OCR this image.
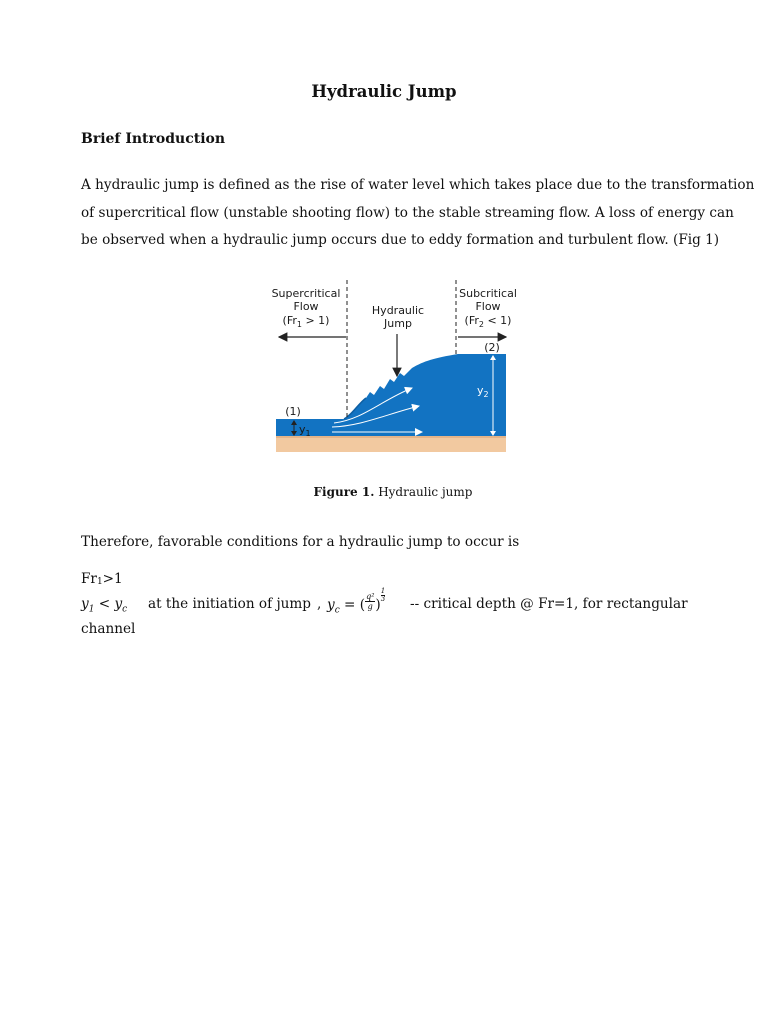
Hydraulic Jump
Brief Introduction
A hydraulic jump is defined as the rise of water level which takes place due to the transformation
of supercritical flow (unstable shooting flow) to the stable streaming flow. A loss of energy can
be observed when a hydraulic jump occurs due to eddy formation and turbulent flow. (Fig 1)
Supercritical
Flow
$(Fr_1 > 1)$
Hydraulic
Jump
Subcritical
Flow
$(Fr_2 < 1)$
(1)
(2)
$y_1$
$y_2$
Figure 1. Hydraulic jump
Therefore, favorable conditions for a hydraulic jump to occur is
$Fr_1>1$
$y_1 < y_c$ at the initiation of jump , $y_c$ = ( $\frac{\text{q²}}{g}$ )
$\frac{1}{3}$
-- critical depth @ Fr=1, for rectangular
channel
